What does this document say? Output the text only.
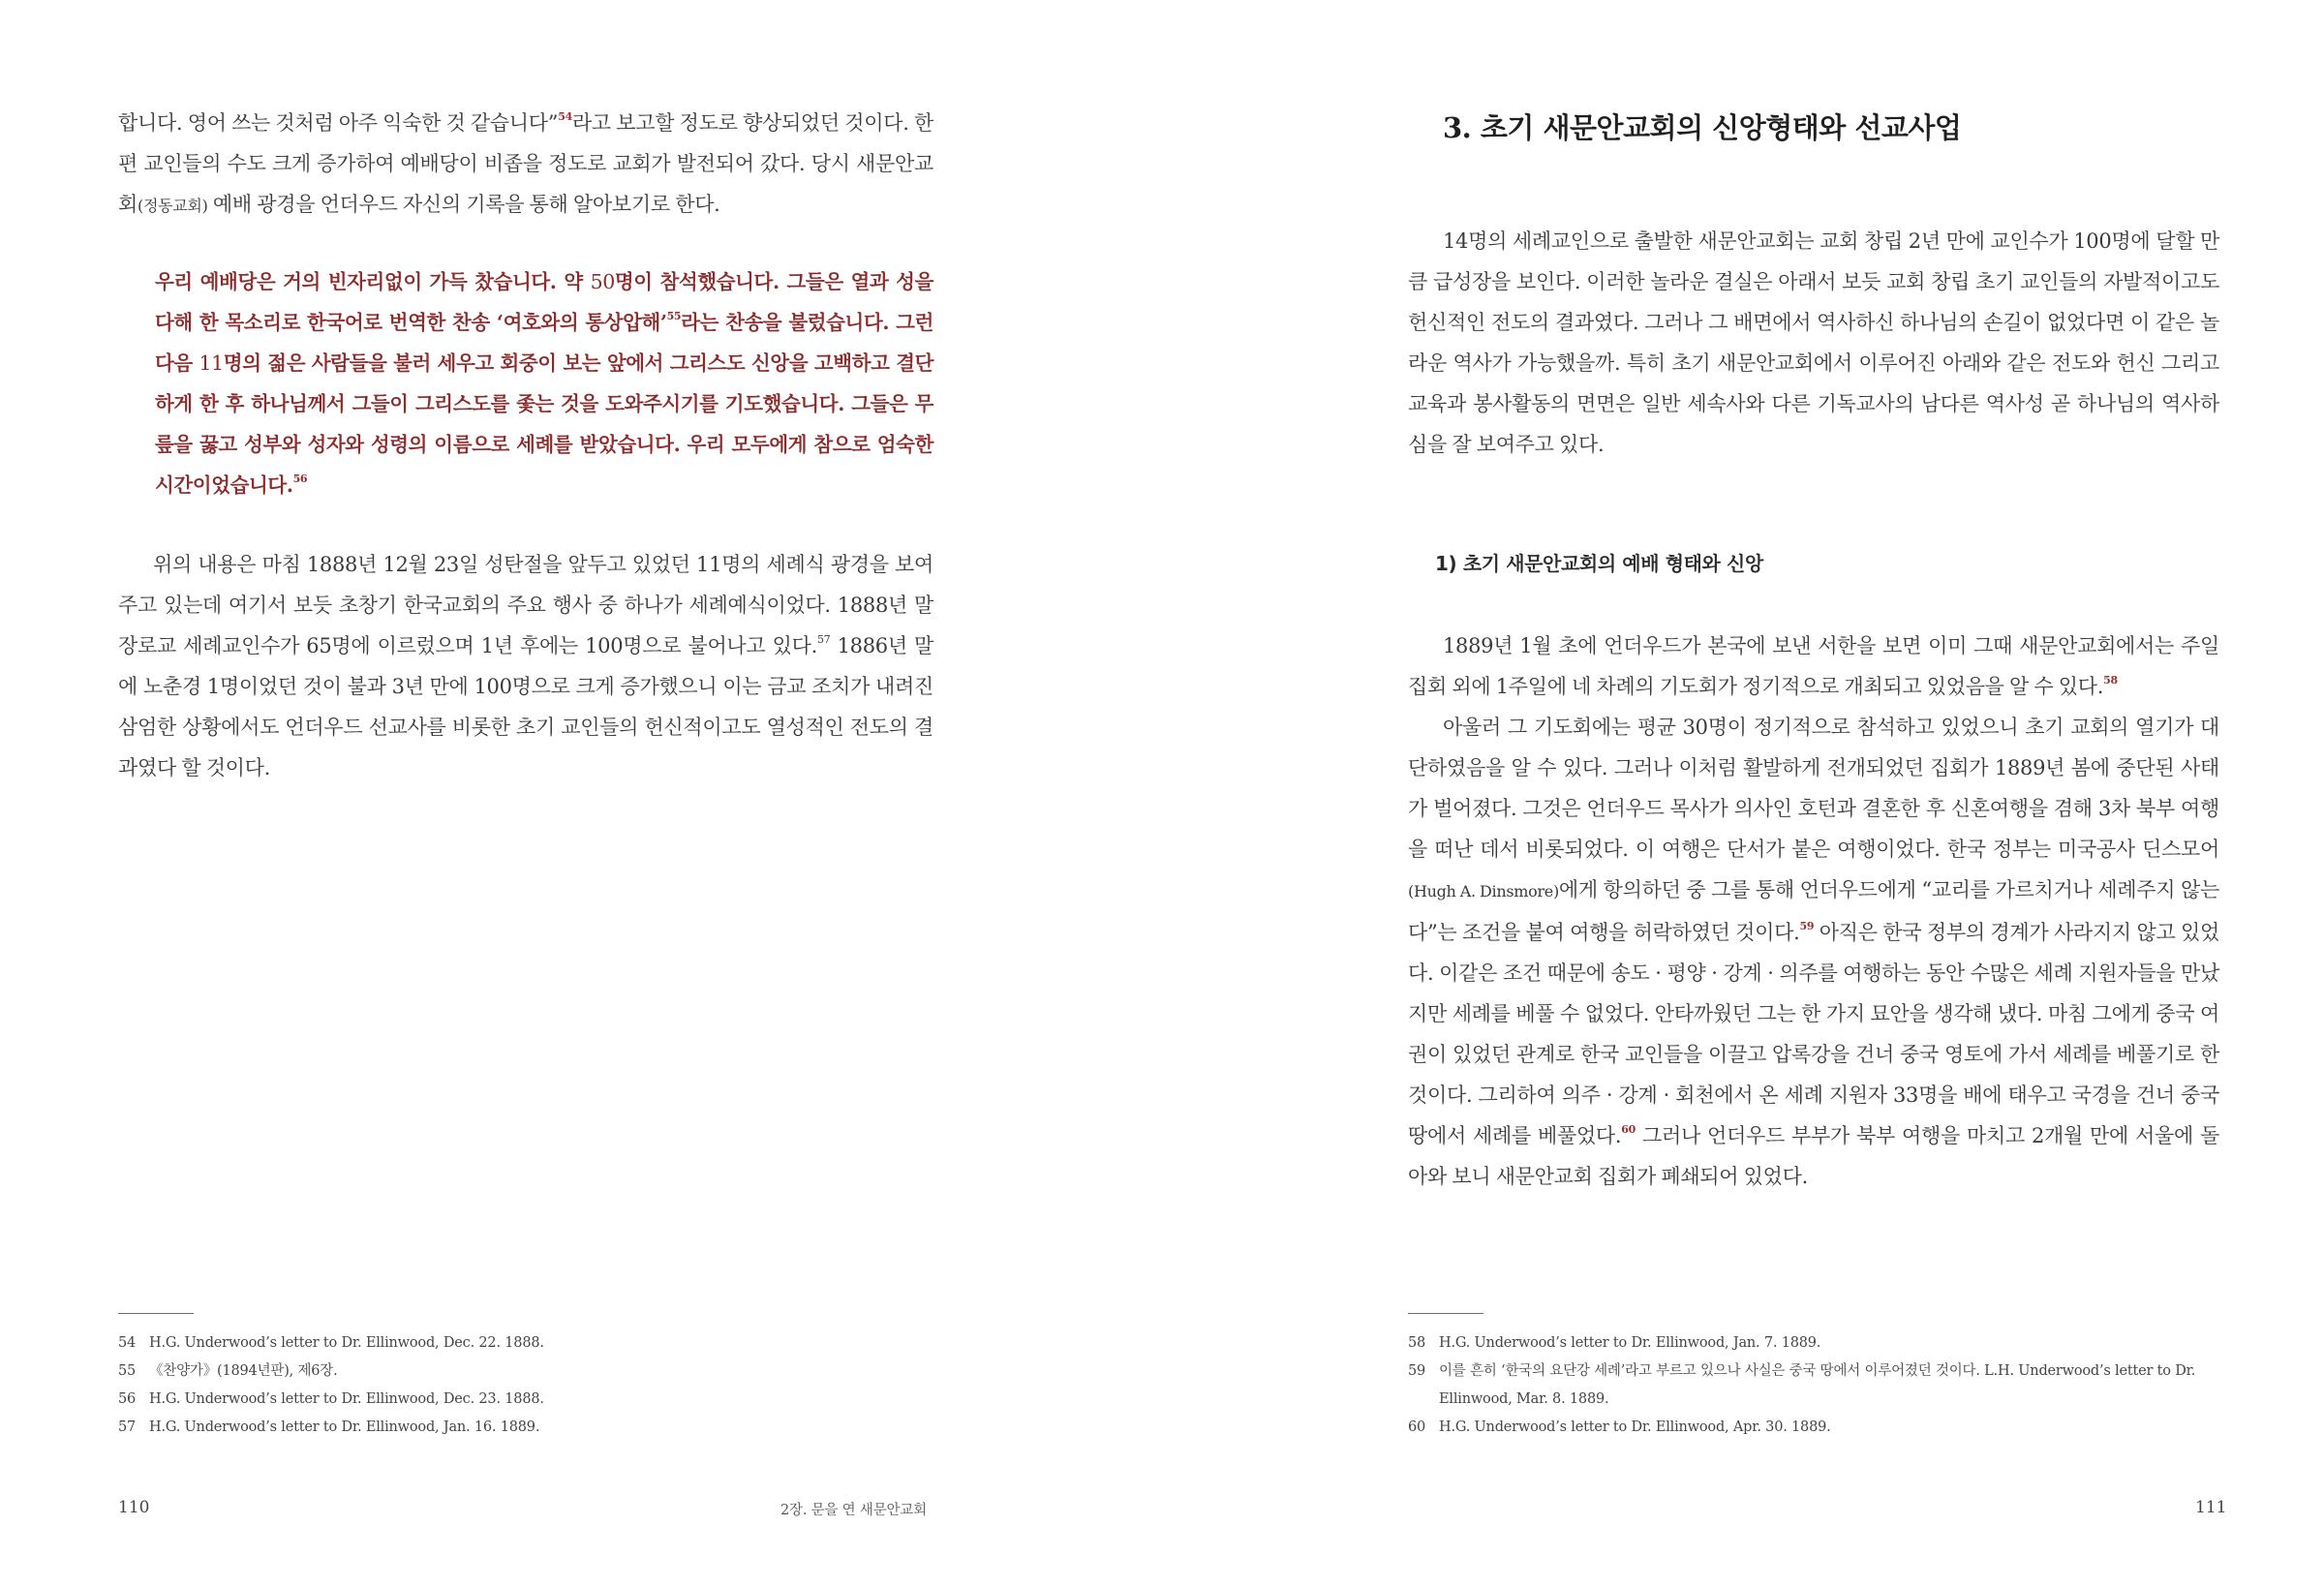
합니다. 영어 쓰는 것처럼 아주 익숙한 것 같습니다”$^{54}$라고 보고할 정도로 향상되었던 것이다. 한편 교인들의 수도 크게 증가하여 예배당이 비좁을 정도로 교회가 발전되어 갔다. 당시 새문안교회(정동교회) 예배 광경을 언더우드 자신의 기록을 통해 알아보기로 한다.

우리 예배당은 거의 빈자리없이 가득 찼습니다. 약 50명이 참석했습니다. 그들은 열과 성을 다해 한 목소리로 한국어로 번역한 찬송 ‘여호와의 통상압해’$^{55}$라는 찬송을 불렀습니다. 그런 다음 11명의 젊은 사람들을 불러 세우고 회중이 보는 앞에서 그리스도 신앙을 고백하고 결단하게 한 후 하나님께서 그들이 그리스도를 좇는 것을 도와주시기를 기도했습니다. 그들은 무릎을 꿇고 성부와 성자와 성령의 이름으로 세례를 받았습니다. 우리 모두에게 참으로 엄숙한 시간이었습니다.$^{56}$

위의 내용은 마침 1888년 12월 23일 성탄절을 앞두고 있었던 11명의 세례식 광경을 보여주고 있는데 여기서 보듯 초창기 한국교회의 주요 행사 중 하나가 세례예식이었다. 1888년 말 장로교 세례교인수가 65명에 이르렀으며 1년 후에는 100명으로 불어나고 있다.$^{57}$ 1886년 말에 노춘경 1명이었던 것이 불과 3년 만에 100명으로 크게 증가했으니 이는 금교 조치가 내려진 삼엄한 상황에서도 언더우드 선교사를 비롯한 초기 교인들의 헌신적이고도 열성적인 전도의 결과였다 할 것이다.

54 H.G. Underwood’s letter to Dr. Ellinwood, Dec. 22. 1888.
55 《찬양가》(1894년판), 제6장.
56 H.G. Underwood’s letter to Dr. Ellinwood, Dec. 23. 1888.
57 H.G. Underwood’s letter to Dr. Ellinwood, Jan. 16. 1889.
110	2장. 문을 연 새문안교회
3. 초기 새문안교회의 신앙형태와 선교사업

14명의 세례교인으로 출발한 새문안교회는 교회 창립 2년 만에 교인수가 100명에 달할 만큼 급성장을 보인다. 이러한 놀라운 결실은 아래서 보듯 교회 창립 초기 교인들의 자발적이고도 헌신적인 전도의 결과였다. 그러나 그 배면에서 역사하신 하나님의 손길이 없었다면 이 같은 놀라운 역사가 가능했을까. 특히 초기 새문안교회에서 이루어진 아래와 같은 전도와 헌신 그리고 교육과 봉사활동의 면면은 일반 세속사와 다른 기독교사의 남다른 역사성 곧 하나님의 역사하심을 잘 보여주고 있다.

1) 초기 새문안교회의 예배 형태와 신앙

1889년 1월 초에 언더우드가 본국에 보낸 서한을 보면 이미 그때 새문안교회에서는 주일 집회 외에 1주일에 네 차례의 기도회가 정기적으로 개최되고 있었음을 알 수 있다.$^{58}$

아울러 그 기도회에는 평균 30명이 정기적으로 참석하고 있었으니 초기 교회의 열기가 대단하였음을 알 수 있다. 그러나 이처럼 활발하게 전개되었던 집회가 1889년 봄에 중단된 사태가 벌어졌다. 그것은 언더우드 목사가 의사인 호턴과 결혼한 후 신혼여행을 겸해 3차 북부 여행을 떠난 데서 비롯되었다. 이 여행은 단서가 붙은 여행이었다. 한국 정부는 미국공사 딘스모어(Hugh A. Dinsmore)에게 항의하던 중 그를 통해 언더우드에게 “교리를 가르치거나 세례주지 않는다”는 조건을 붙여 여행을 허락하였던 것이다.$^{59}$ 아직은 한국 정부의 경계가 사라지지 않고 있었다. 이같은 조건 때문에 송도 · 평양 · 강계 · 의주를 여행하는 동안 수많은 세례 지원자들을 만났지만 세례를 베풀 수 없었다. 안타까웠던 그는 한 가지 묘안을 생각해 냈다. 마침 그에게 중국 여권이 있었던 관계로 한국 교인들을 이끌고 압록강을 건너 중국 영토에 가서 세례를 베풀기로 한 것이다. 그리하여 의주 · 강계 · 회천에서 온 세례 지원자 33명을 배에 태우고 국경을 건너 중국 땅에서 세례를 베풀었다.$^{60}$ 그러나 언더우드 부부가 북부 여행을 마치고 2개월 만에 서울에 돌아와 보니 새문안교회 집회가 폐쇄되어 있었다.

58 H.G. Underwood’s letter to Dr. Ellinwood, Jan. 7. 1889.
59 이를 흔히 ‘한국의 요단강 세례’라고 부르고 있으나 사실은 중국 땅에서 이루어졌던 것이다. L.H. Underwood’s letter to Dr. Ellinwood, Mar. 8. 1889.
60 H.G. Underwood’s letter to Dr. Ellinwood, Apr. 30. 1889.
111
